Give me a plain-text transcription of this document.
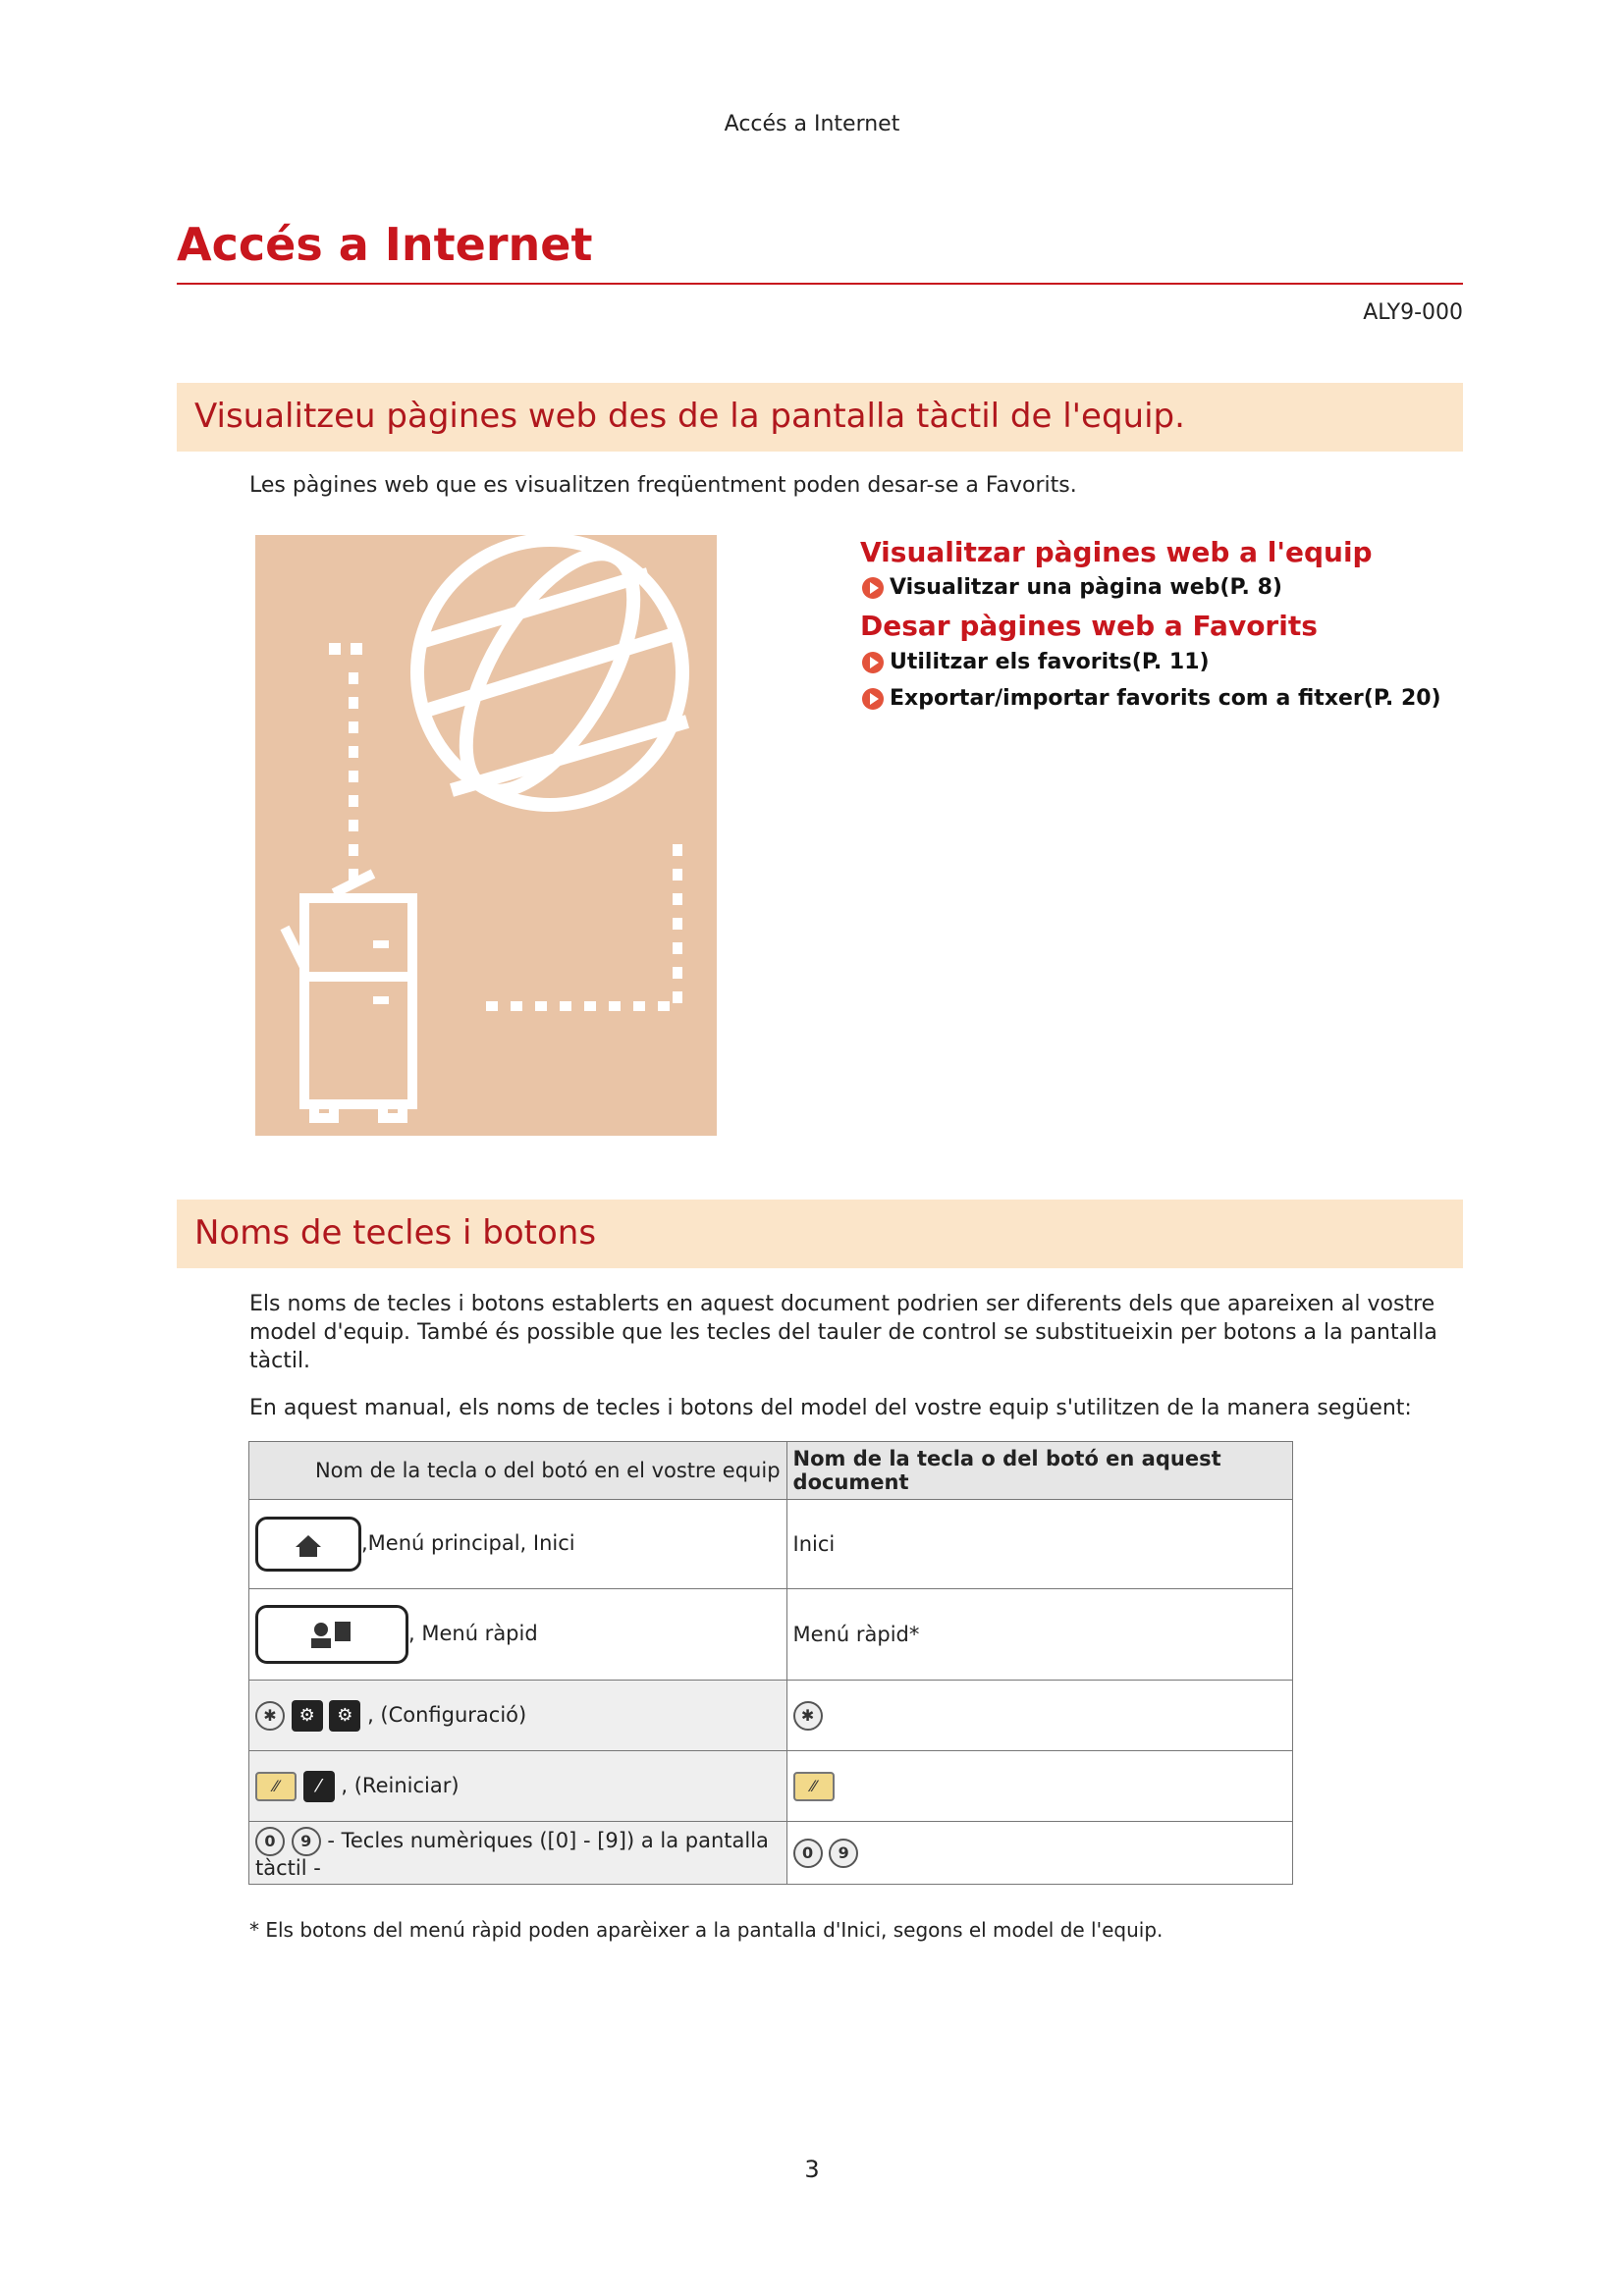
Accés a Internet
Accés a Internet
ALY9-000
Visualitzeu pàgines web des de la pantalla tàctil de l'equip.
Les pàgines web que es visualitzen freqüentment poden desar-se a Favorits.
Visualitzar pàgines web a l'equip
Visualitzar una pàgina web(P. 8)
Desar pàgines web a Favorits
Utilitzar els favorits(P. 11)
Exportar/importar favorits com a fitxer(P. 20)
Noms de tecles i botons
Els noms de tecles i botons establerts en aquest document podrien ser diferents dels que apareixen al vostre model d'equip. També és possible que les tecles del tauler de control se substitueixin per botons a la pantalla tàctil.
En aquest manual, els noms de tecles i botons del model del vostre equip s'utilitzen de la manera següent:
Nom de la tecla o del botó en el vostre equip	Nom de la tecla o del botó en aquest document
,Menú principal, Inici	Inici
, Menú ràpid	Menú ràpid*
✱ ⚙ ⚙ , (Configuració)	✱
⁄⁄ ⁄ , (Reiniciar)	⁄⁄
0 9 - Tecles numèriques ([0] - [9]) a la pantalla tàctil -	0 9
* Els botons del menú ràpid poden aparèixer a la pantalla d'Inici, segons el model de l'equip.
3
